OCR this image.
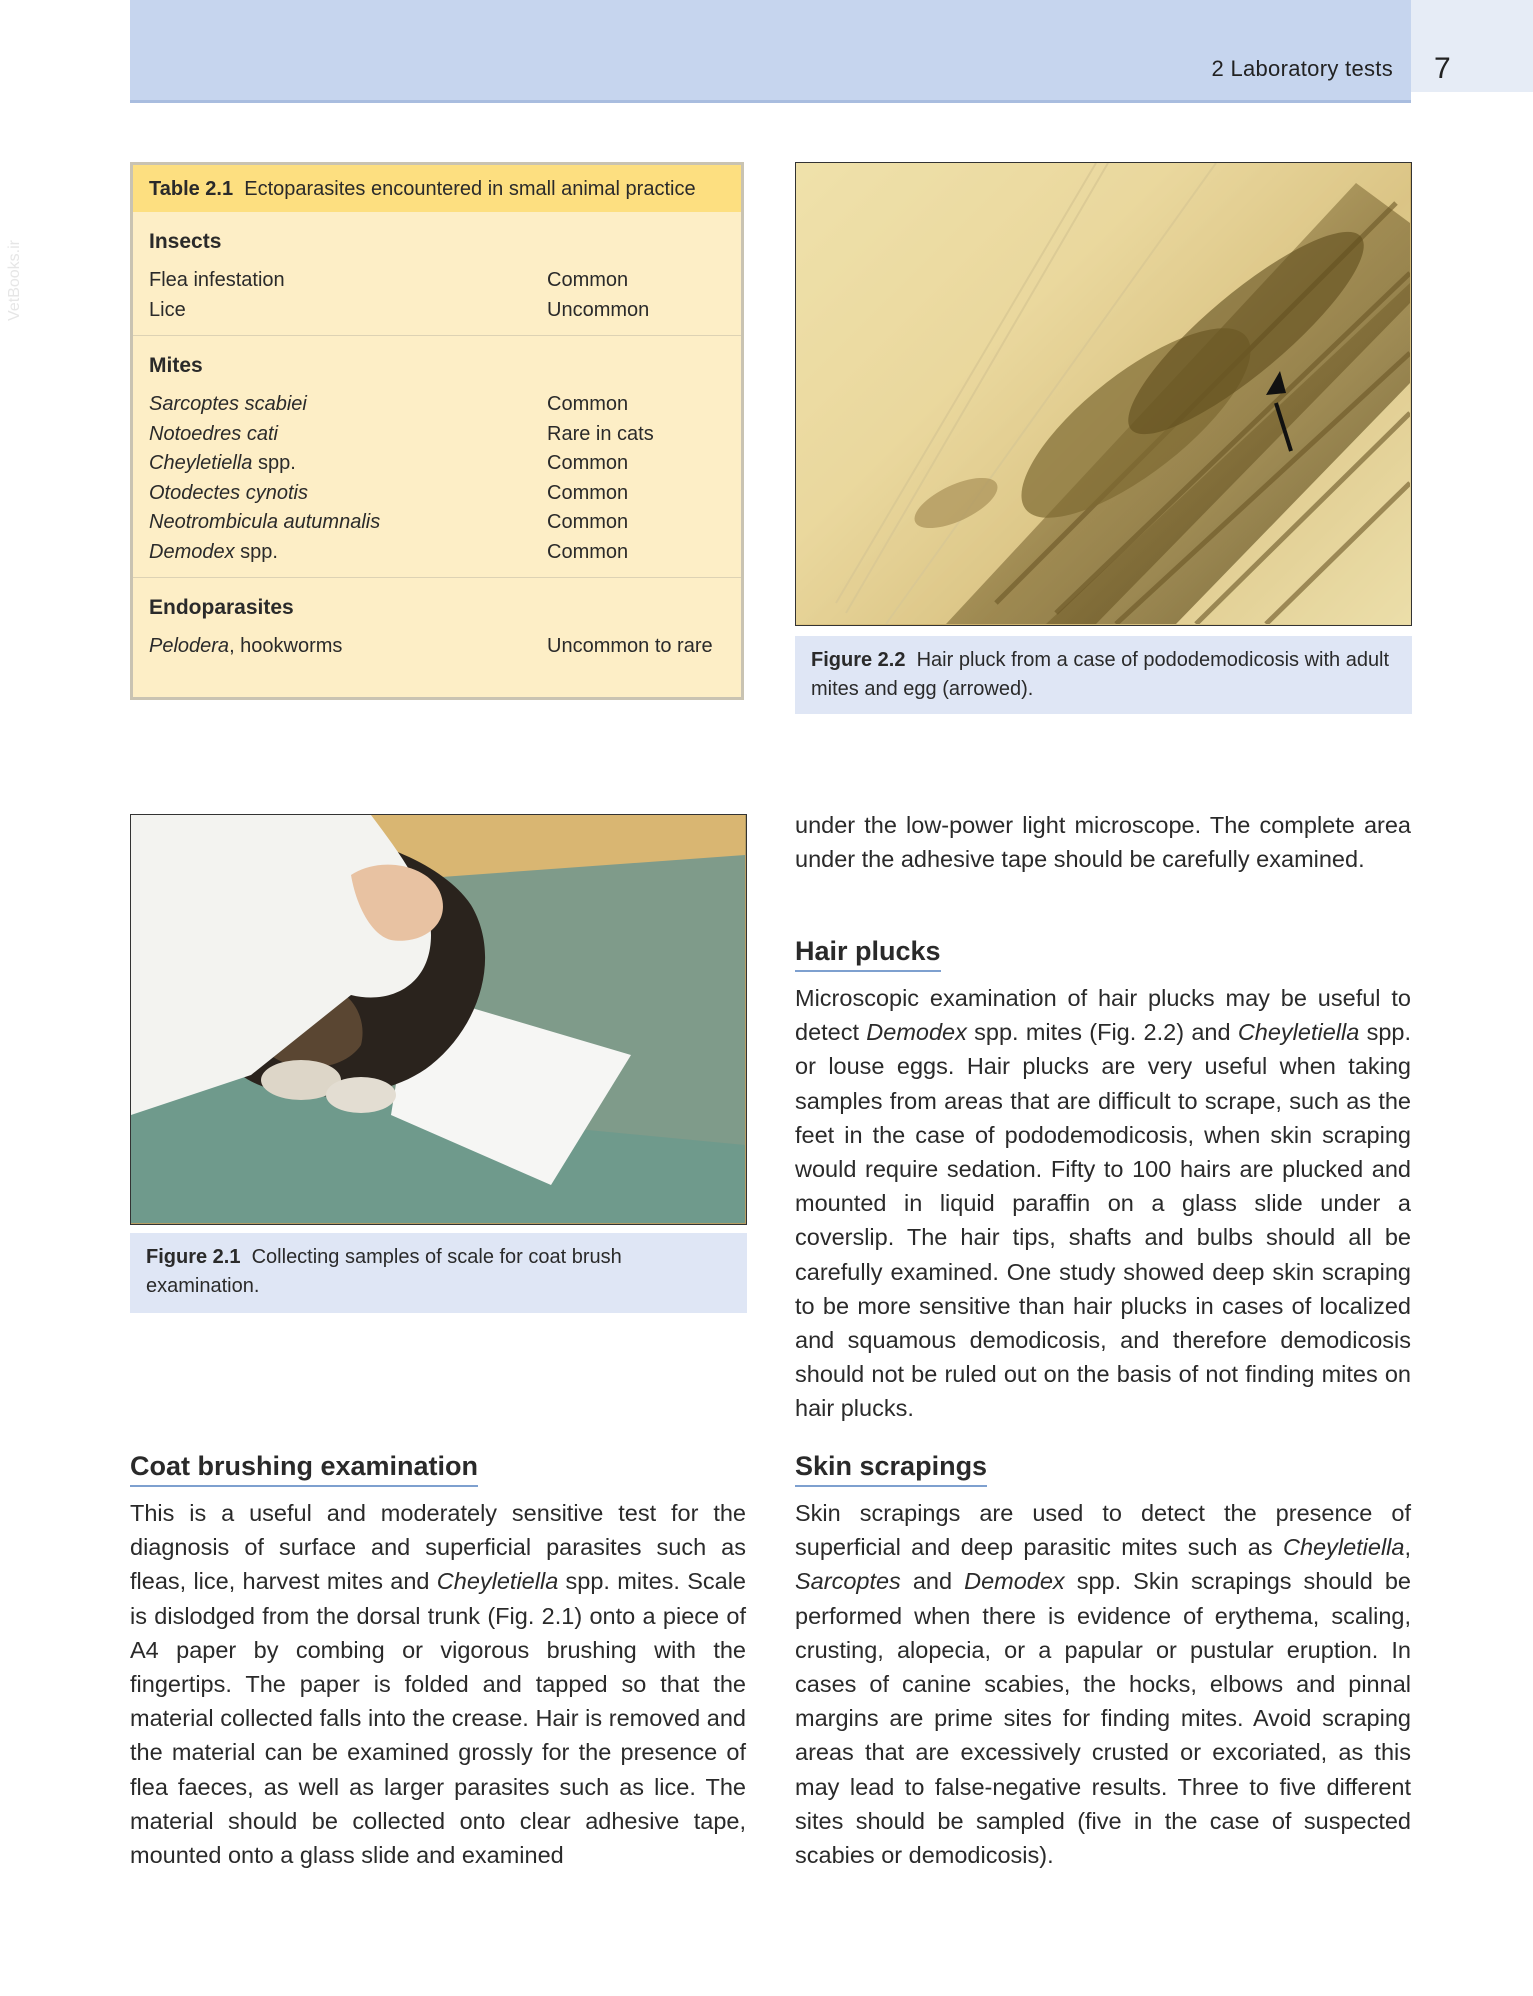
2 Laboratory tests 7
VetBooks.ir
Table 2.1 Ectoparasites encountered in small animal practice
Insects
Flea infestation	Common
Lice	Uncommon
Mites
Sarcoptes scabiei	Common
Notoedres cati	Rare in cats
Cheyletiella spp.	Common
Otodectes cynotis	Common
Neotrombicula autumnalis	Common
Demodex spp.	Common
Endoparasites
Pelodera, hookworms	Uncommon to rare
Figure 2.2 Hair pluck from a case of pododemodicosis with adult mites and egg (arrowed).
Figure 2.1 Collecting samples of scale for coat brush examination.

under the low-power light microscope. The complete area under the adhesive tape should be carefully examined.

Hair plucks

Microscopic examination of hair plucks may be useful to detect Demodex spp. mites (Fig. 2.2) and Cheyletiella spp. or louse eggs. Hair plucks are very useful when taking samples from areas that are difficult to scrape, such as the feet in the case of pododemodicosis, when skin scraping would require sedation. Fifty to 100 hairs are plucked and mounted in liquid paraffin on a glass slide under a coverslip. The hair tips, shafts and bulbs should all be carefully examined. One study showed deep skin scraping to be more sensitive than hair plucks in cases of localized and squamous demodicosis, and therefore demodicosis should not be ruled out on the basis of not finding mites on hair plucks.

Coat brushing examination

This is a useful and moderately sensitive test for the diagnosis of surface and superficial parasites such as fleas, lice, harvest mites and Cheyletiella spp. mites. Scale is dislodged from the dorsal trunk (Fig. 2.1) onto a piece of A4 paper by combing or vigorous brushing with the fingertips. The paper is folded and tapped so that the material collected falls into the crease. Hair is removed and the material can be examined grossly for the presence of flea faeces, as well as larger parasites such as lice. The material should be collected onto clear adhesive tape, mounted onto a glass slide and examined

Skin scrapings

Skin scrapings are used to detect the presence of superficial and deep parasitic mites such as Cheyletiella, Sarcoptes and Demodex spp. Skin scrapings should be performed when there is evidence of erythema, scaling, crusting, alopecia, or a papular or pustular eruption. In cases of canine scabies, the hocks, elbows and pinnal margins are prime sites for finding mites. Avoid scraping areas that are excessively crusted or excoriated, as this may lead to false-negative results. Three to five different sites should be sampled (five in the case of suspected scabies or demodicosis).
